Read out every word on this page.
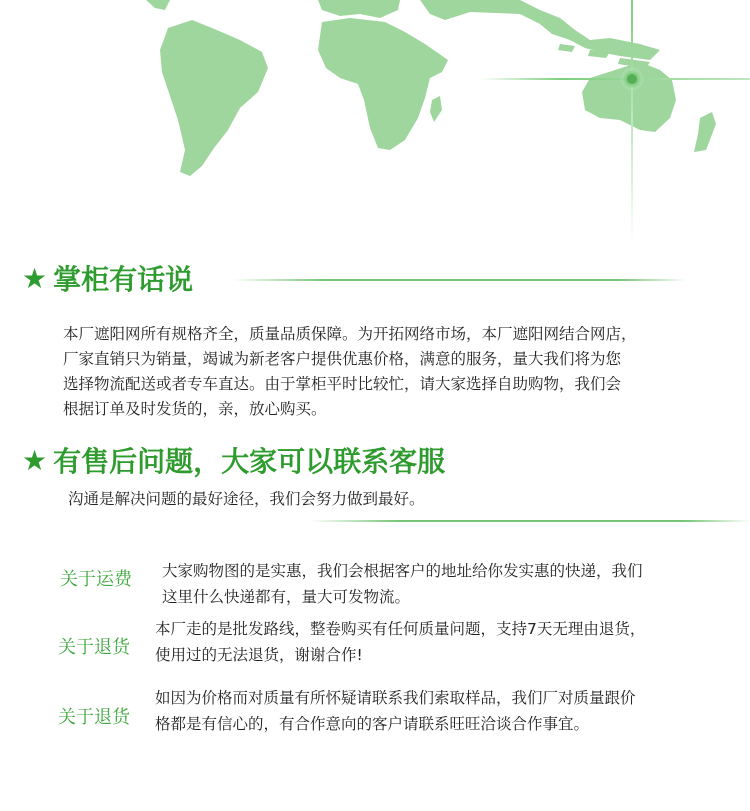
★ 掌柜有话说
本厂遮阳网所有规格齐全，质量品质保障。为开拓网络市场，本厂遮阳网结合网店，
厂家直销只为销量，竭诚为新老客户提供优惠价格，满意的服务，量大我们将为您
选择物流配送或者专车直达。由于掌柜平时比较忙，请大家选择自助购物，我们会
根据订单及时发货的，亲，放心购买。
★ 有售后问题，大家可以联系客服
沟通是解决问题的最好途径，我们会努力做到最好。
关于运费 大家购物图的是实惠，我们会根据客户的地址给你发实惠的快递，我们
这里什么快递都有，量大可发物流。
关于退货
本厂走的是批发路线，整卷购买有任何质量问题，支持7天无理由退货，
使用过的无法退货，谢谢合作!
关于退货
如因为价格而对质量有所怀疑请联系我们索取样品，我们厂对质量跟价
格都是有信心的，有合作意向的客户请联系旺旺洽谈合作事宜。
